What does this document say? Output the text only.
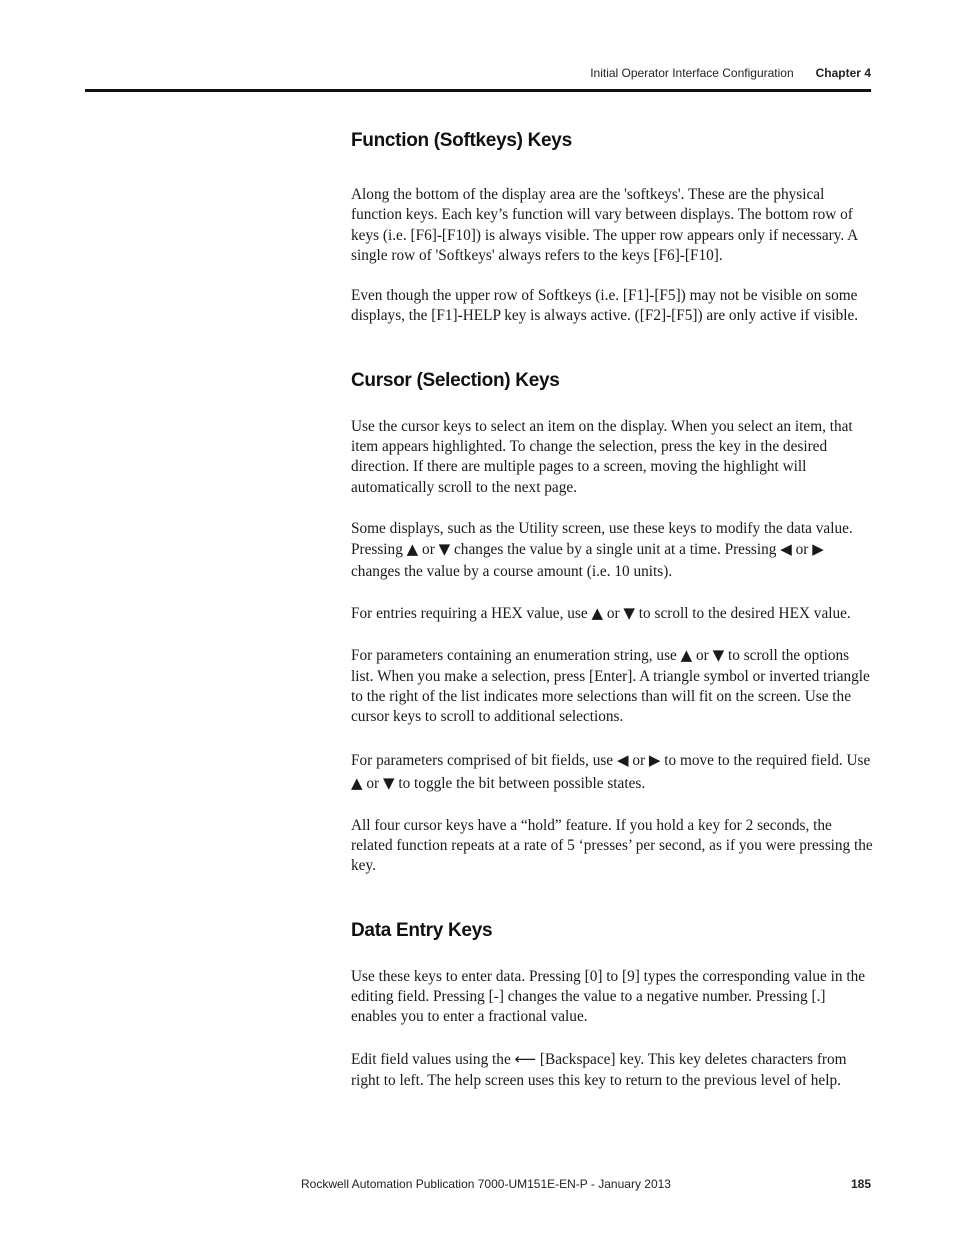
Initial Operator Interface Configuration Chapter 4
Function (Softkeys) Keys

Along the bottom of the display area are the 'softkeys'. These are the physical function keys. Each key’s function will vary between displays. The bottom row of keys (i.e. [F6]-[F10]) is always visible. The upper row appears only if necessary. A single row of 'Softkeys' always refers to the keys [F6]-[F10].

Even though the upper row of Softkeys (i.e. [F1]-[F5]) may not be visible on some displays, the [F1]-HELP key is always active. ([F2]-[F5]) are only active if visible.

Cursor (Selection) Keys

Use the cursor keys to select an item on the display. When you select an item, that item appears highlighted. To change the selection, press the key in the desired direction. If there are multiple pages to a screen, moving the highlight will automatically scroll to the next page.

Some displays, such as the Utility screen, use these keys to modify the data value. Pressing ▲ or ▼ changes the value by a single unit at a time. Pressing ◀ or ▶ changes the value by a course amount (i.e. 10 units).

For entries requiring a HEX value, use ▲ or ▼ to scroll to the desired HEX value.

For parameters containing an enumeration string, use ▲ or ▼ to scroll the options list. When you make a selection, press [Enter]. A triangle symbol or inverted triangle to the right of the list indicates more selections than will fit on the screen. Use the cursor keys to scroll to additional selections.

For parameters comprised of bit fields, use ◀ or ▶ to move to the required field. Use ▲ or ▼ to toggle the bit between possible states.

All four cursor keys have a “hold” feature. If you hold a key for 2 seconds, the related function repeats at a rate of 5 ‘presses’ per second, as if you were pressing the key.

Data Entry Keys

Use these keys to enter data. Pressing [0] to [9] types the corresponding value in the editing field. Pressing [-] changes the value to a negative number. Pressing [.] enables you to enter a fractional value.

Edit field values using the ⟵ [Backspace] key. This key deletes characters from right to left. The help screen uses this key to return to the previous level of help.

Rockwell Automation Publication 7000-UM151E-EN-P - January 2013	185
